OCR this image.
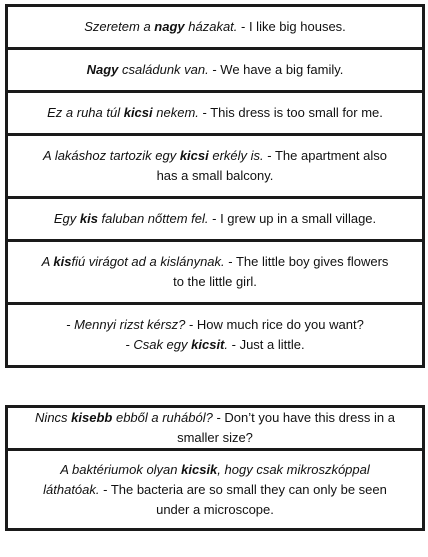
Szeretem a nagy házakat. - I like big houses.
Nagy családunk van. - We have a big family.
Ez a ruha túl kicsi nekem. - This dress is too small for me.
A lakáshoz tartozik egy kicsi erkély is. - The apartment also
has a small balcony.
Egy kis faluban nőttem fel. - I grew up in a small village.
A kisfiú virágot ad a kislánynak. - The little boy gives flowers
to the little girl.
- Mennyi rizst kérsz? - How much rice do you want?
- Csak egy kicsit. - Just a little.
Nincs kisebb ebből a ruhából? - Don’t you have this dress in a
smaller size?
A baktériumok olyan kicsik, hogy csak mikroszkóppal
láthatóak. - The bacteria are so small they can only be seen
under a microscope.
